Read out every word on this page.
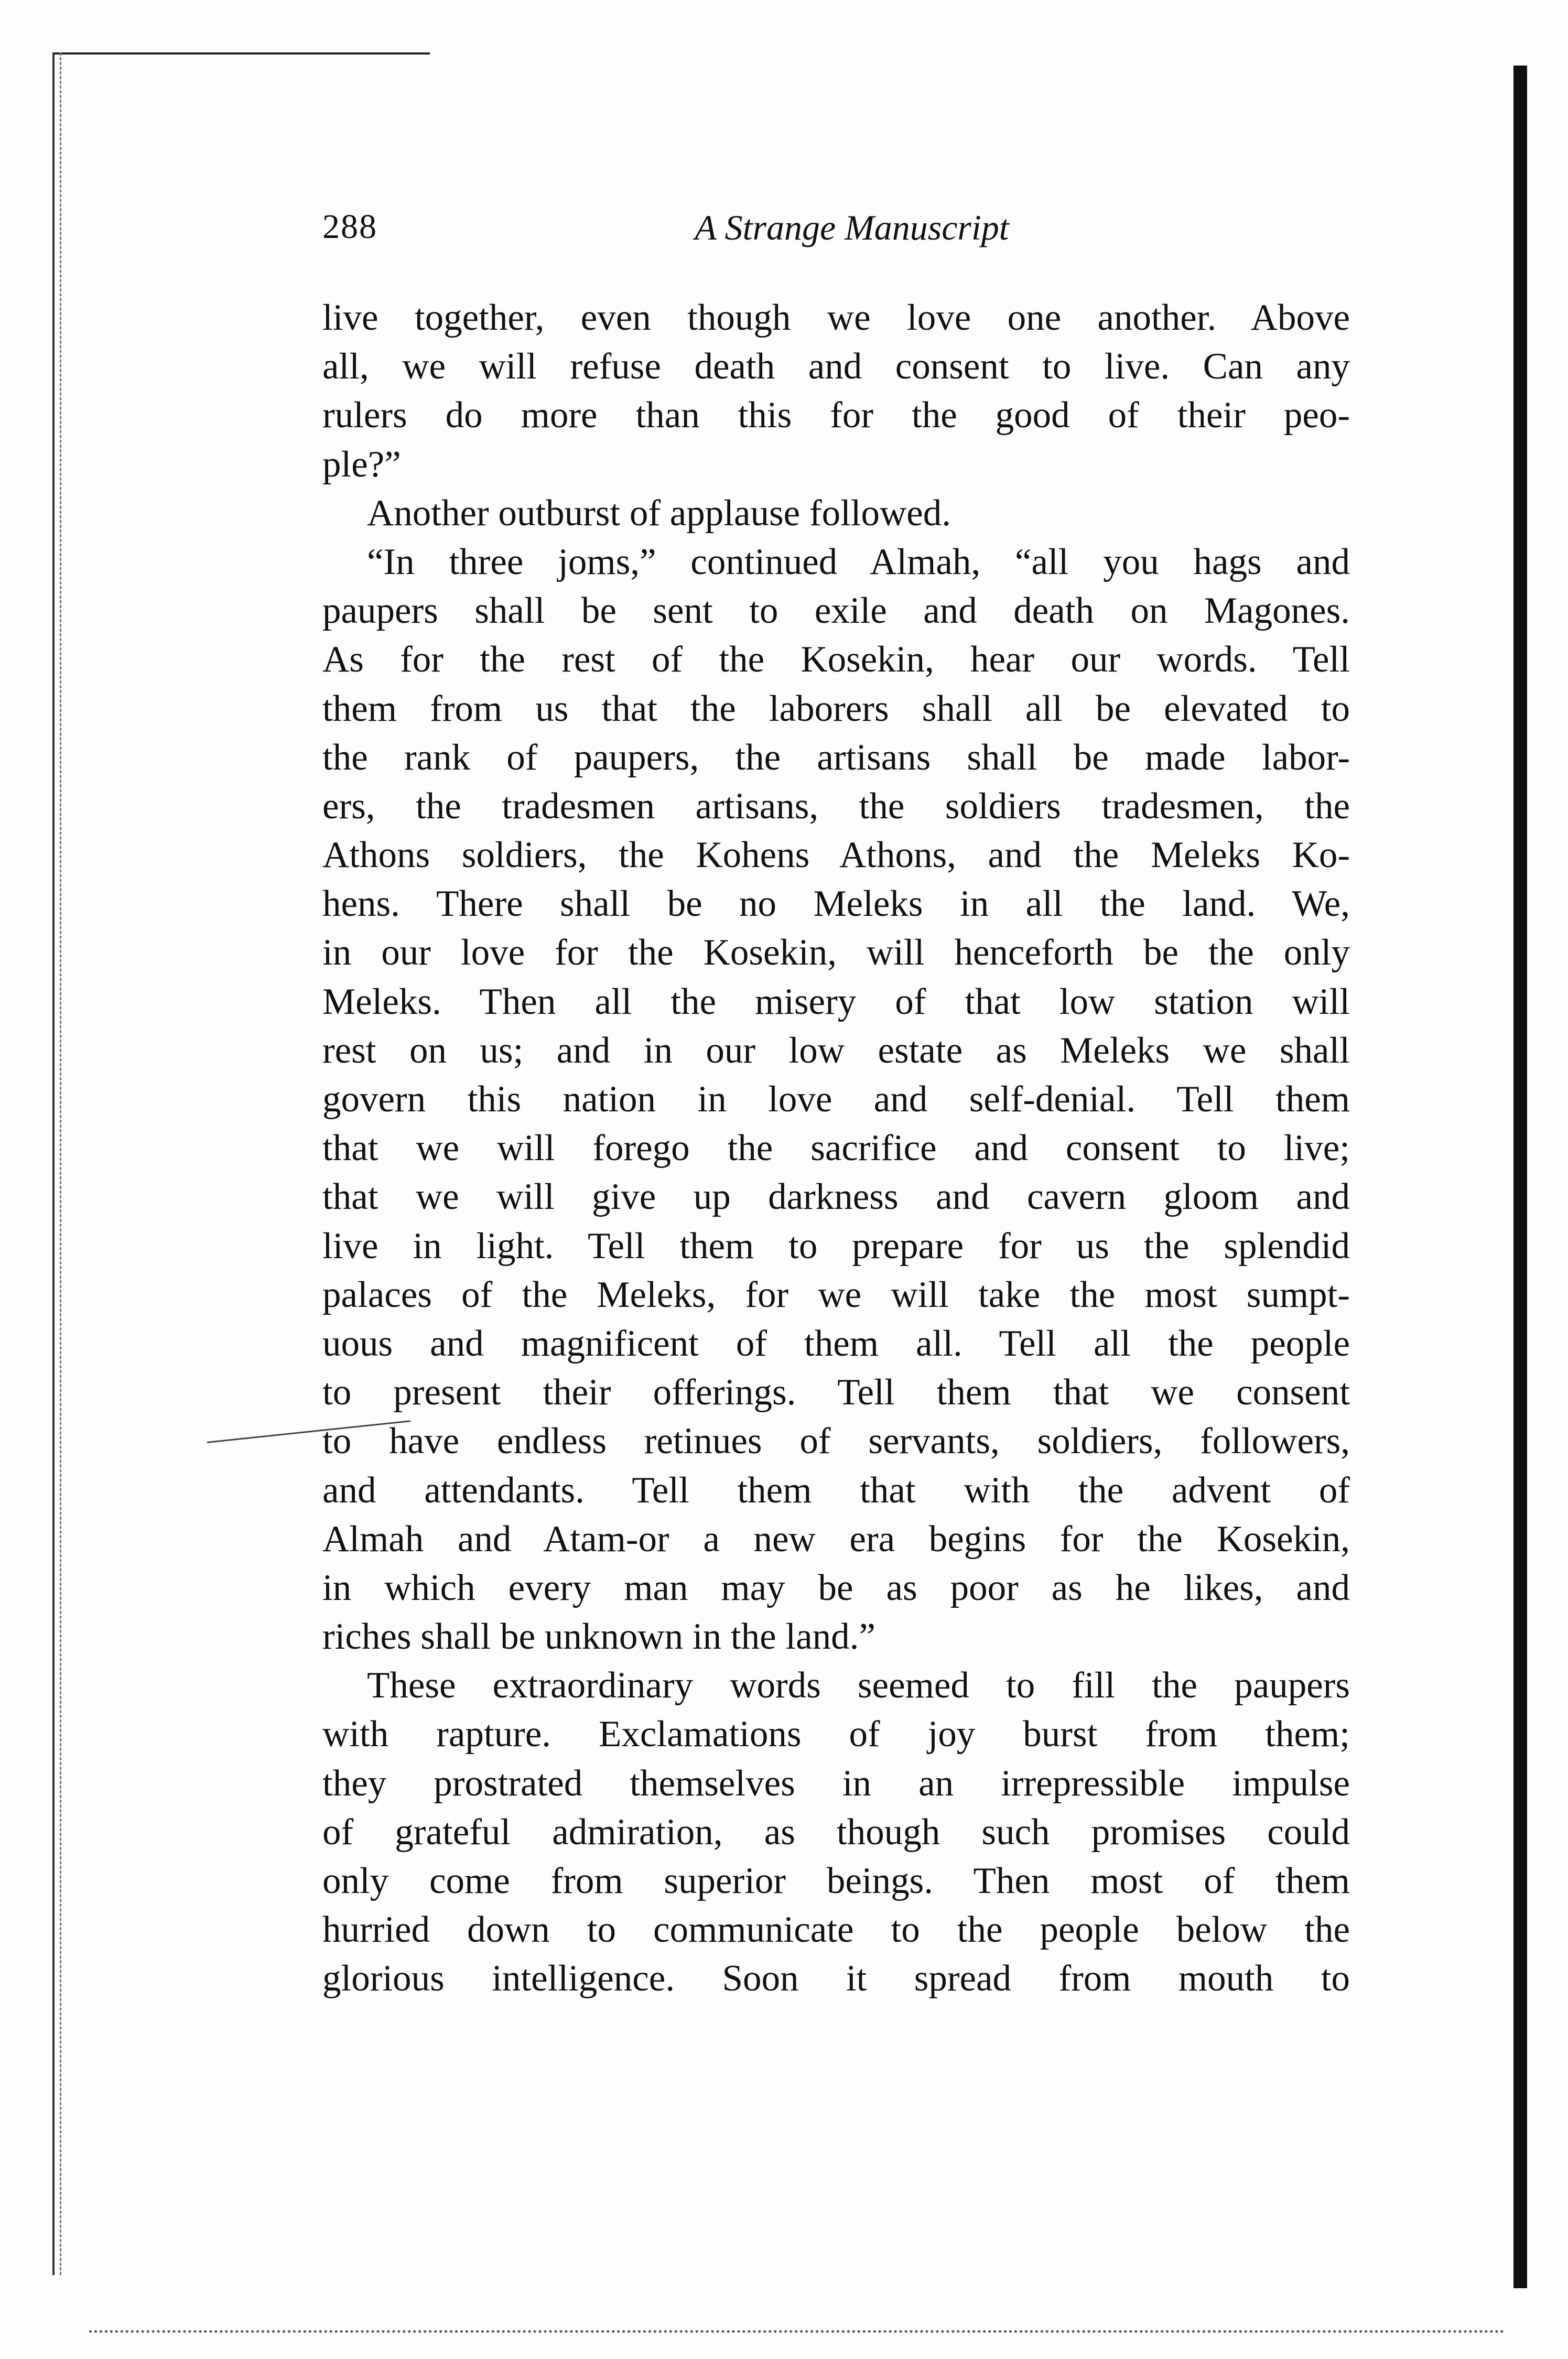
288	A Strange Manuscript
live together, even though we love one another. Above
all, we will refuse death and consent to live. Can any
rulers do more than this for the good of their peo-
ple?”
Another outburst of applause followed.
“In three joms,” continued Almah, “all you hags and
paupers shall be sent to exile and death on Magones.
As for the rest of the Kosekin, hear our words. Tell
them from us that the laborers shall all be elevated to
the rank of paupers, the artisans shall be made labor-
ers, the tradesmen artisans, the soldiers tradesmen, the
Athons soldiers, the Kohens Athons, and the Meleks Ko-
hens. There shall be no Meleks in all the land. We,
in our love for the Kosekin, will henceforth be the only
Meleks. Then all the misery of that low station will
rest on us; and in our low estate as Meleks we shall
govern this nation in love and self-denial. Tell them
that we will forego the sacrifice and consent to live;
that we will give up darkness and cavern gloom and
live in light. Tell them to prepare for us the splendid
palaces of the Meleks, for we will take the most sumpt-
uous and magnificent of them all. Tell all the people
to present their offerings. Tell them that we consent
to have endless retinues of servants, soldiers, followers,
and attendants. Tell them that with the advent of
Almah and Atam-or a new era begins for the Kosekin,
in which every man may be as poor as he likes, and
riches shall be unknown in the land.”
These extraordinary words seemed to fill the paupers
with rapture. Exclamations of joy burst from them;
they prostrated themselves in an irrepressible impulse
of grateful admiration, as though such promises could
only come from superior beings. Then most of them
hurried down to communicate to the people below the
glorious intelligence. Soon it spread from mouth to
